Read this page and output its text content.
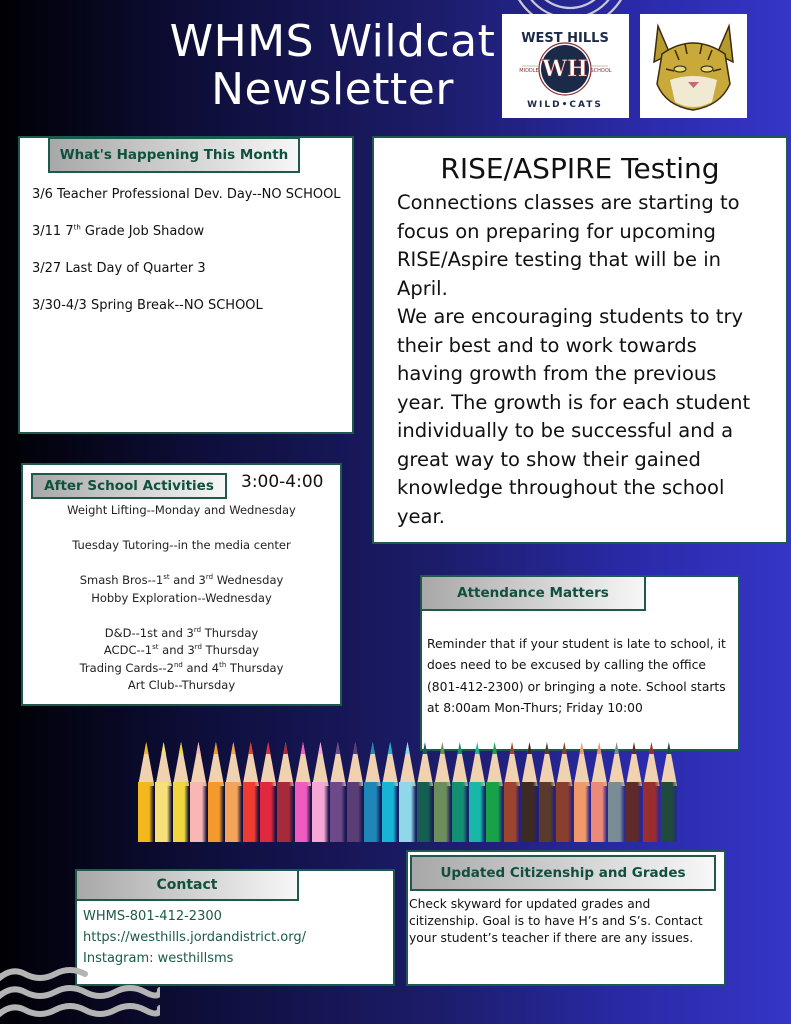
WHMS Wildcat
Newsletter	WH
WEST HILLS
WILD•CATS
MIDDLE	SCHOOL
What's Happening This Month
3/6 Teacher Professional Dev. Day--NO SCHOOL
3/11 7th Grade Job Shadow
3/27 Last Day of Quarter 3
3/30-4/3 Spring Break--NO SCHOOL
RISE/ASPIRE Testing
Connections classes are starting to focus on preparing for upcoming RISE/Aspire testing that will be in April.
We are encouraging students to try their best and to work towards having growth from the previous year. The growth is for each student individually to be successful and a great way to show their gained knowledge throughout the school year.
After School Activities	3:00-4:00
Weight Lifting--Monday and Wednesday
Tuesday Tutoring--in the media center
Smash Bros--1st and 3rd Wednesday
Hobby Exploration--Wednesday
D&D--1st and 3rd Thursday
ACDC--1st and 3rd Thursday
Trading Cards--2nd and 4th Thursday
Art Club--Thursday
Attendance Matters
Reminder that if your student is late to school, it does need to be excused by calling the office (801-412-2300) or bringing a note. School starts at 8:00am Mon-Thurs; Friday 10:00
Contact
WHMS-801-412-2300
https://westhills.jordandistrict.org/
Instagram: westhillsms
Updated Citizenship and Grades
Check skyward for updated grades and citizenship. Goal is to have H’s and S’s. Contact your student’s teacher if there are any issues.
